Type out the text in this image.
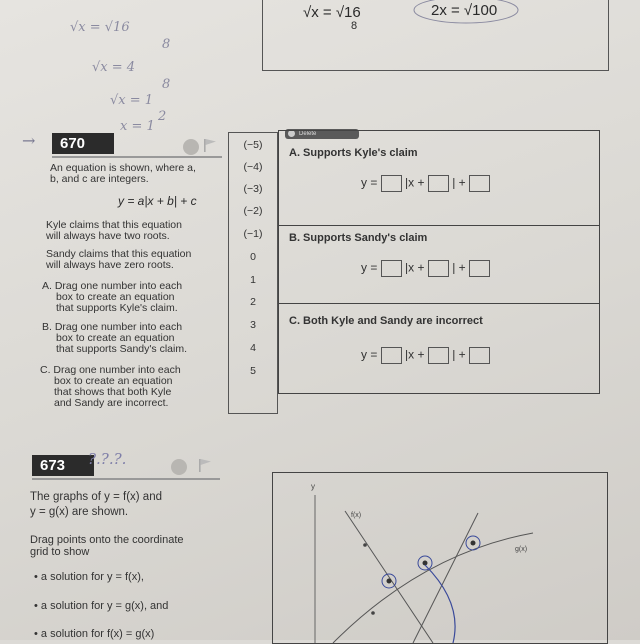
√x = √16
8
√x = 4
8
√x = 1
2
x = 1
√x = √16
8
2x = √100
→	670
An equation is shown, where a,
b, and c are integers.
y = a|x + b| + c
Kyle claims that this equation
will always have two roots.
Sandy claims that this equation
will always have zero roots.
A. Drag one number into each
box to create an equation
that supports Kyle's claim.
B. Drag one number into each
box to create an equation
that supports Sandy's claim.
C. Drag one number into each
box to create an equation
that shows that both Kyle
and Sandy are incorrect.
(−5)
(−4)
(−3)
(−2)
(−1)
0
1
2
3
4
5
Delete
A. Supports Kyle's claim
y = |x + | +
B. Supports Sandy's claim
y = |x + | +
C. Both Kyle and Sandy are incorrect
y = |x + | +
673	?.?.?.
The graphs of y = f(x) and
y = g(x) are shown.
Drag points onto the coordinate
grid to show
• a solution for y = f(x),
• a solution for y = g(x), and
• a solution for f(x) = g(x)
y
f(x)
g(x)
